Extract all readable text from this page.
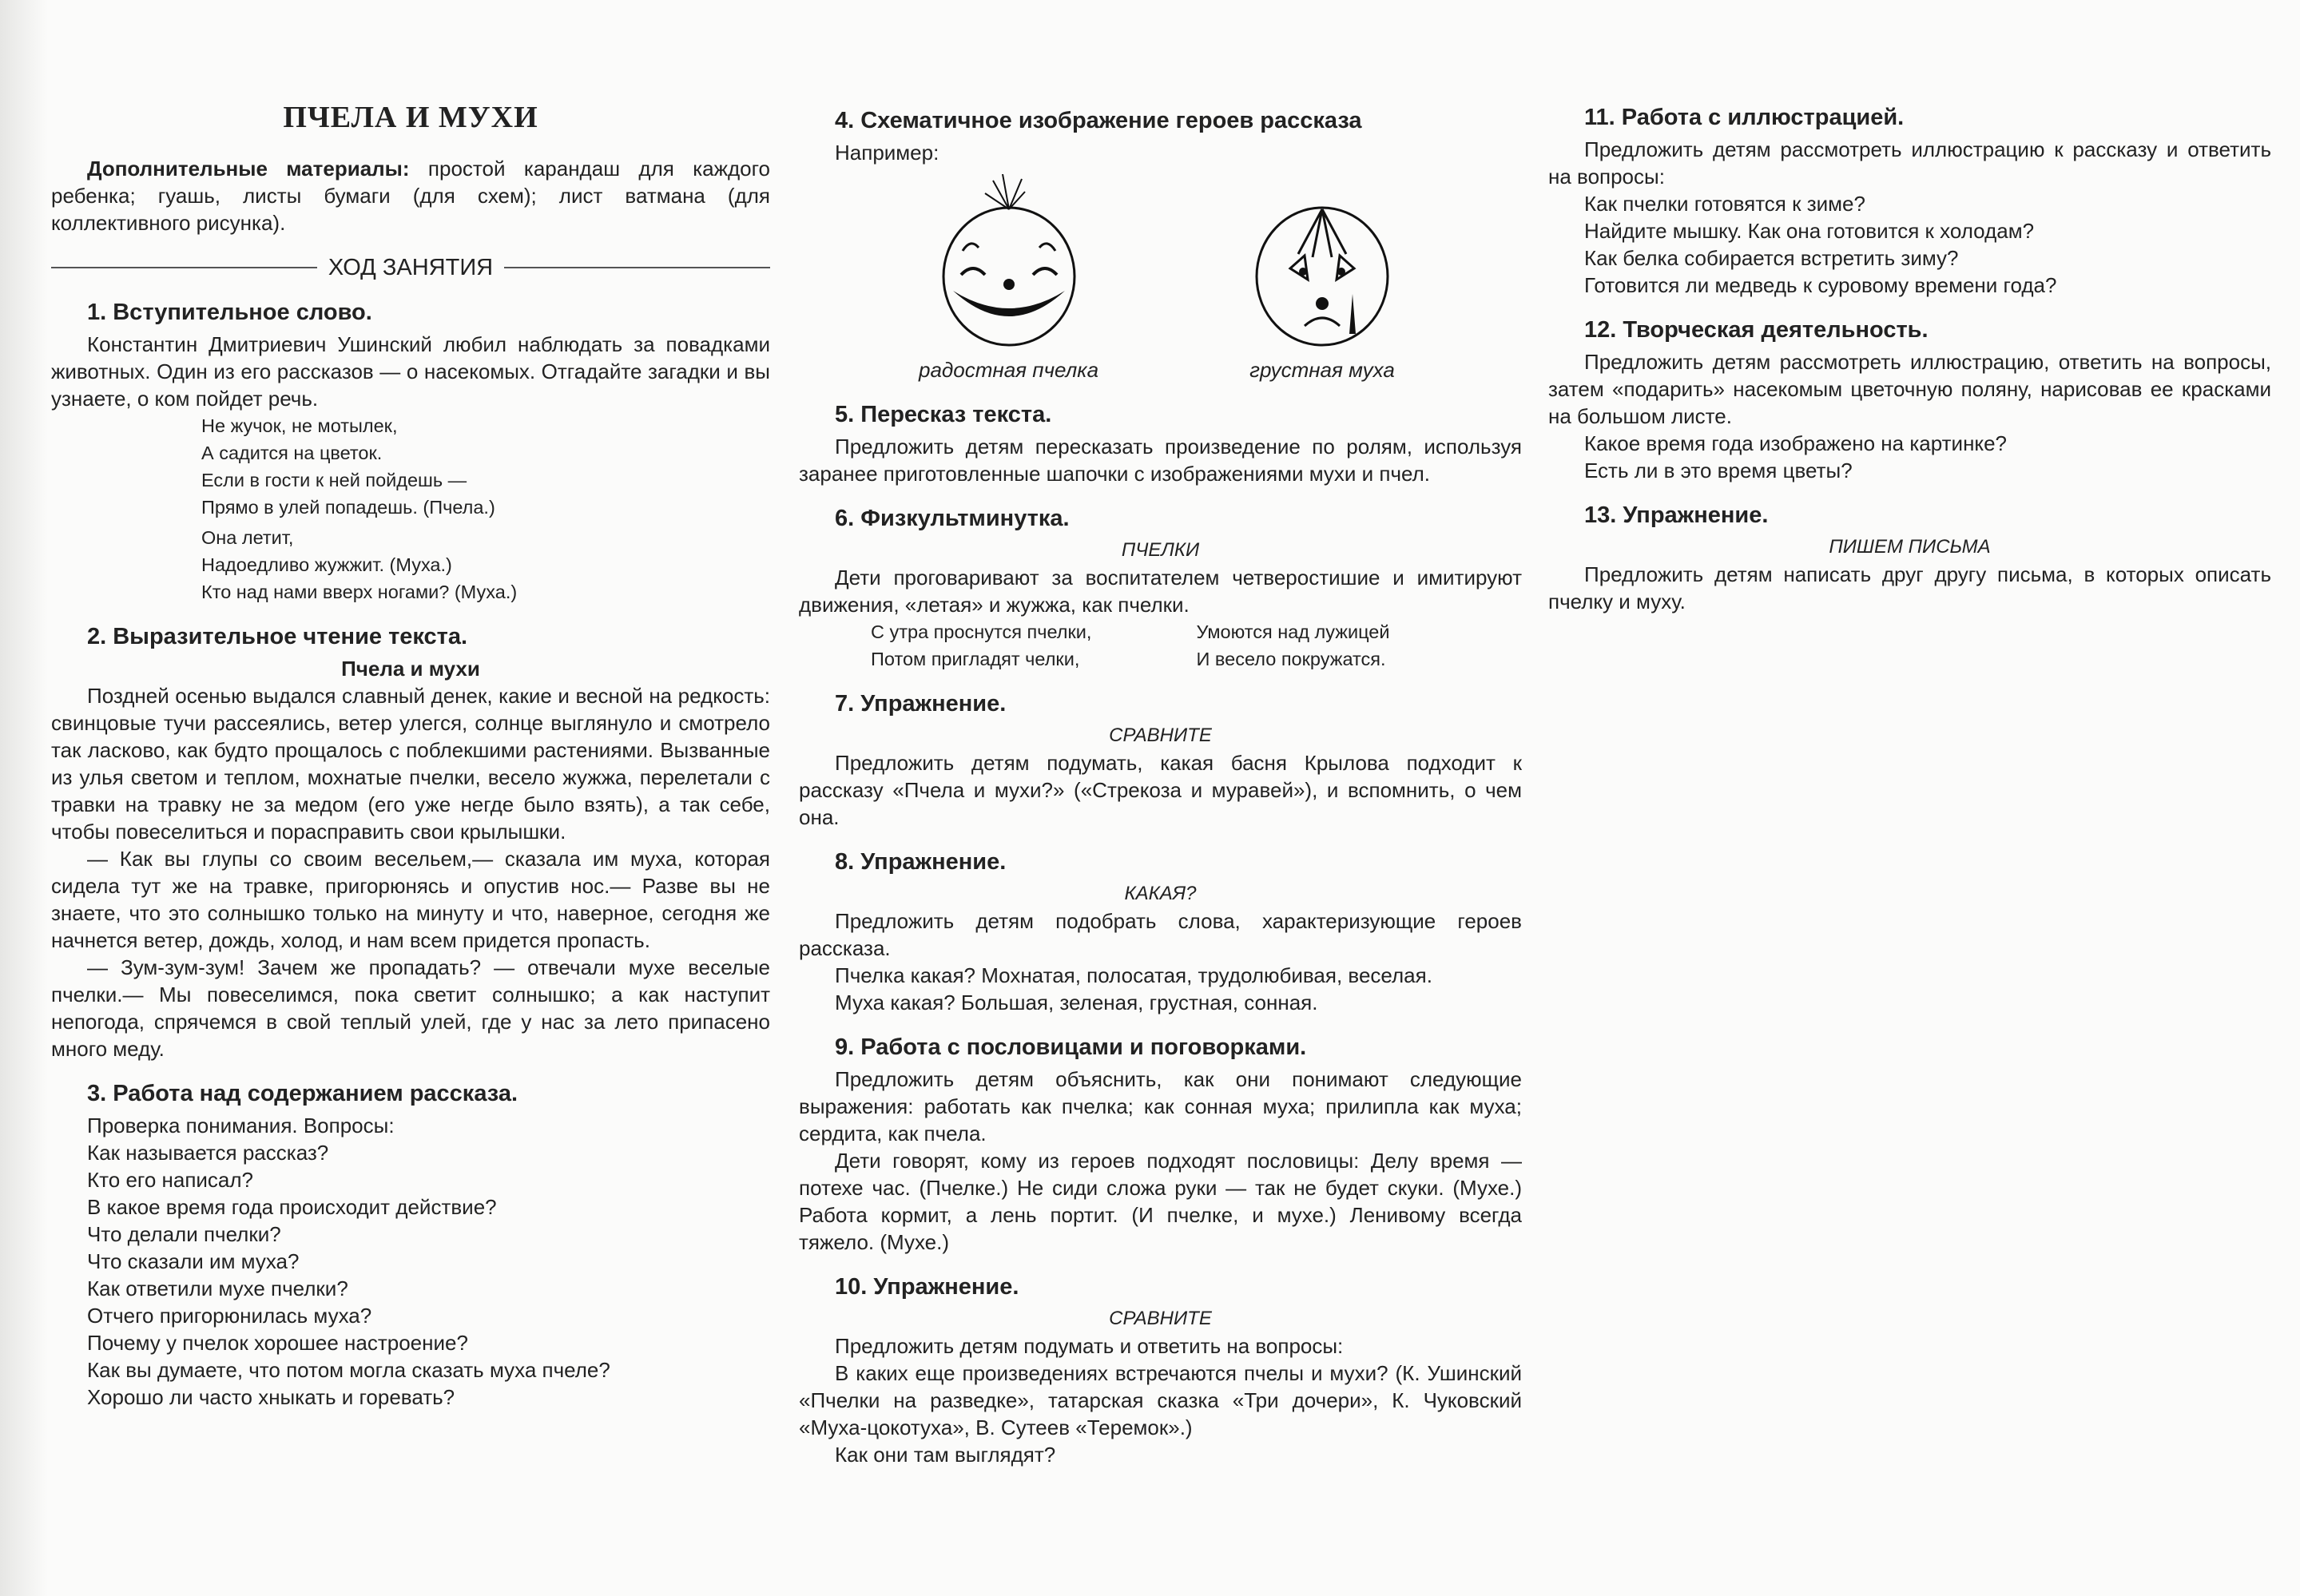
ПЧЕЛА И МУХИ
Дополнительные материалы: простой карандаш для каждого ребенка; гуашь, листы бумаги (для схем); лист ватмана (для коллективного рисунка).
ХОД ЗАНЯТИЯ
1. Вступительное слово.
Константин Дмитриевич Ушинский любил наблюдать за повадками животных. Один из его рассказов — о насекомых. Отгадайте загадки и вы узнаете, о ком пойдет речь.
Не жучок, не мотылек,
А садится на цветок.
Если в гости к ней пойдешь —
Прямо в улей попадешь. (Пчела.)
Она летит,
Надоедливо жужжит. (Муха.)
Кто над нами вверх ногами? (Муха.)
2. Выразительное чтение текста.
Пчела и мухи
Поздней осенью выдался славный денек, какие и весной на редкость: свинцовые тучи рассеялись, ветер улегся, солнце выглянуло и смотрело так ласково, как будто прощалось с поблекшими растениями. Вызванные из улья светом и теплом, мохнатые пчелки, весело жужжа, перелетали с травки на травку не за медом (его уже негде было взять), а так себе, чтобы повеселиться и порасправить свои крылышки.
— Как вы глупы со своим весельем,— сказала им муха, которая сидела тут же на травке, пригорюнясь и опустив нос.— Разве вы не знаете, что это солнышко только на минуту и что, наверное, сегодня же начнется ветер, дождь, холод, и нам всем придется пропасть.
— Зум-зум-зум! Зачем же пропадать? — отвечали мухе веселые пчелки.— Мы повеселимся, пока светит солнышко; а как наступит непогода, спрячемся в свой теплый улей, где у нас за лето припасено много меду.
3. Работа над содержанием рассказа.
Проверка понимания. Вопросы:
Как называется рассказ?
Кто его написал?
В какое время года происходит действие?
Что делали пчелки?
Что сказали им муха?
Как ответили мухе пчелки?
Отчего пригорюнилась муха?
Почему у пчелок хорошее настроение?
Как вы думаете, что потом могла сказать муха пчеле?
Хорошо ли часто хныкать и горевать?
4. Схематичное изображение героев рассказа
Например:
радостная пчелка	грустная муха
5. Пересказ текста.
Предложить детям пересказать произведение по ролям, используя заранее приготовленные шапочки с изображениями мухи и пчел.
6. Физкультминутка.
ПЧЕЛКИ
Дети проговаривают за воспитателем четверостишие и имитируют движения, «летая» и жужжа, как пчелки.
С утра проснутся пчелки,
Потом пригладят челки,
Умоются над лужицей
И весело покружатся.
7. Упражнение.
СРАВНИТЕ
Предложить детям подумать, какая басня Крылова подходит к рассказу «Пчела и мухи?» («Стрекоза и муравей»), и вспомнить, о чем она.
8. Упражнение.
КАКАЯ?
Предложить детям подобрать слова, характеризующие героев рассказа.
Пчелка какая? Мохнатая, полосатая, трудолюбивая, веселая.
Муха какая? Большая, зеленая, грустная, сонная.
9. Работа с пословицами и поговорками.
Предложить детям объяснить, как они понимают следующие выражения: работать как пчелка; как сонная муха; прилипла как муха; сердита, как пчела.
Дети говорят, кому из героев подходят пословицы: Делу время — потехе час. (Пчелке.) Не сиди сложа руки — так не будет скуки. (Мухе.) Работа кормит, а лень портит. (И пчелке, и мухе.) Ленивому всегда тяжело. (Мухе.)
10. Упражнение.
СРАВНИТЕ
Предложить детям подумать и ответить на вопросы:
В каких еще произведениях встречаются пчелы и мухи? (К. Ушинский «Пчелки на разведке», татарская сказка «Три дочери», К. Чуковский «Муха-цокотуха», В. Сутеев «Теремок».)
Как они там выглядят?
11. Работа с иллюстрацией.
Предложить детям рассмотреть иллюстрацию к рассказу и ответить на вопросы:
Как пчелки готовятся к зиме?
Найдите мышку. Как она готовится к холодам?
Как белка собирается встретить зиму?
Готовится ли медведь к суровому времени года?
12. Творческая деятельность.
Предложить детям рассмотреть иллюстрацию, ответить на вопросы, затем «подарить» насекомым цветочную поляну, нарисовав ее красками на большом листе.
Какое время года изображено на картинке?
Есть ли в это время цветы?
13. Упражнение.
ПИШЕМ ПИСЬМА
Предложить детям написать друг другу письма, в которых описать пчелку и муху.
